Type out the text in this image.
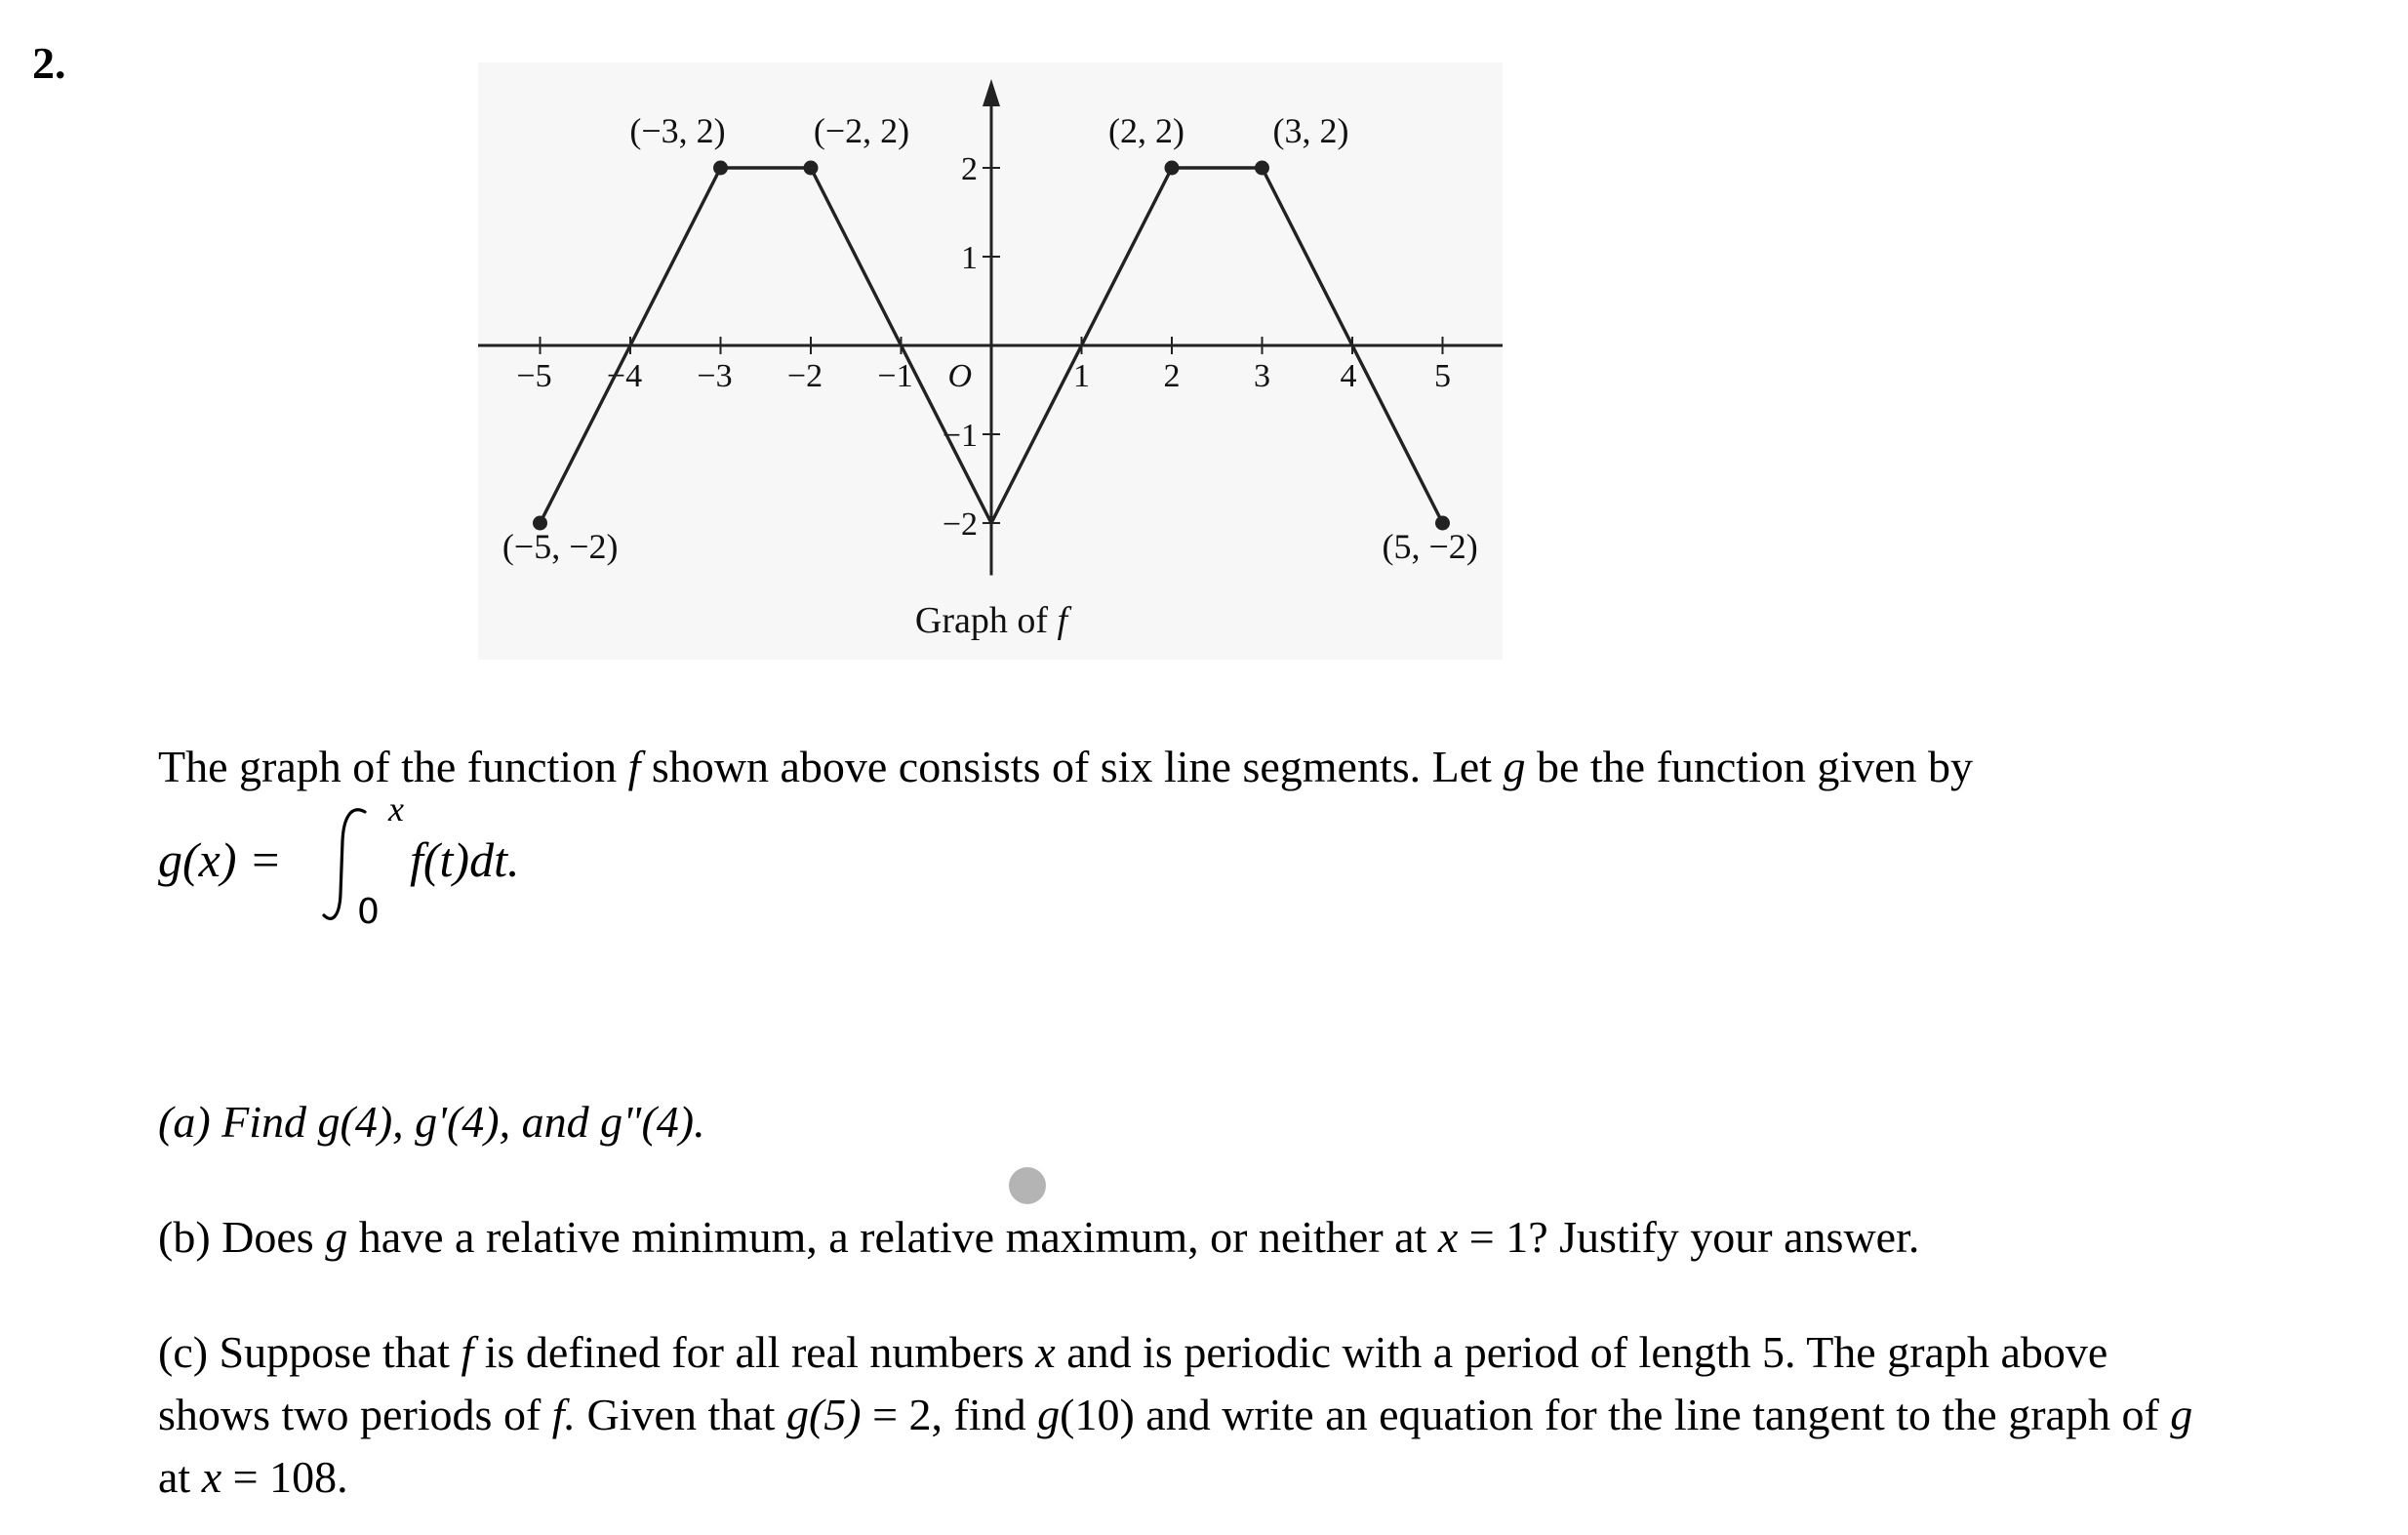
2.
−5 −4 −3 −2 −1	1 2 3 4 5
2
1
−1
−2
O
(−3, 2)	(−2, 2)	(2, 2)	(3, 2)
(−5, −2)	(5, −2)
Graph of f

The graph of the function f shown above consists of six line segments. Let g be the function given by

g(x) =
x
0
f(t)dt.

(a) Find g(4), g'(4), and g"(4).

(b) Does g have a relative minimum, a relative maximum, or neither at x = 1? Justify your answer.

(c) Suppose that f is defined for all real numbers x and is periodic with a period of length 5. The graph above

shows two periods of f. Given that g(5) = 2, find g(10) and write an equation for the line tangent to the graph of g

at x = 108.
